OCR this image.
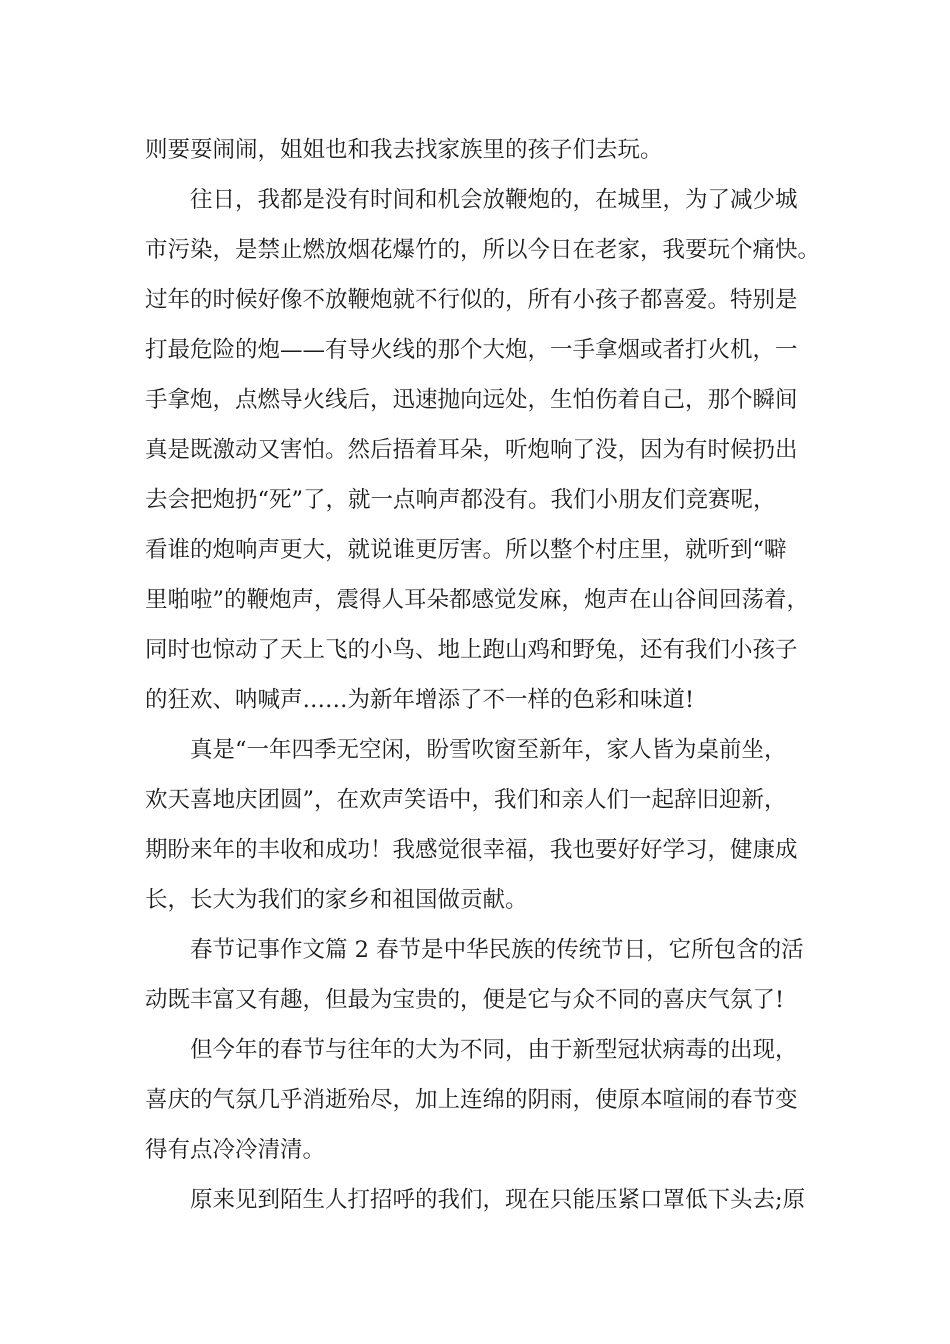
则要耍闹闹，姐姐也和我去找家族里的孩子们去玩。
往日，我都是没有时间和机会放鞭炮的，在城里，为了减少城
市污染，是禁止燃放烟花爆竹的，所以今日在老家，我要玩个痛快。
过年的时候好像不放鞭炮就不行似的，所有小孩子都喜爱。特别是
打最危险的炮——有导火线的那个大炮，一手拿烟或者打火机，一
手拿炮，点燃导火线后，迅速抛向远处，生怕伤着自己，那个瞬间
真是既激动又害怕。然后捂着耳朵，听炮响了没，因为有时候扔出
去会把炮扔“死”了，就一点响声都没有。我们小朋友们竞赛呢，
看谁的炮响声更大，就说谁更厉害。所以整个村庄里，就听到“噼
里啪啦”的鞭炮声，震得人耳朵都感觉发麻，炮声在山谷间回荡着，
同时也惊动了天上飞的小鸟、地上跑山鸡和野兔，还有我们小孩子
的狂欢、呐喊声……为新年增添了不一样的色彩和味道!
真是“一年四季无空闲，盼雪吹窗至新年，家人皆为桌前坐，
欢天喜地庆团圆”，在欢声笑语中，我们和亲人们一起辞旧迎新，
期盼来年的丰收和成功！我感觉很幸福，我也要好好学习，健康成
长，长大为我们的家乡和祖国做贡献。
春节记事作文篇 2 春节是中华民族的传统节日，它所包含的活
动既丰富又有趣，但最为宝贵的，便是它与众不同的喜庆气氛了!
但今年的春节与往年的大为不同，由于新型冠状病毒的出现，
喜庆的气氛几乎消逝殆尽，加上连绵的阴雨，使原本喧闹的春节变
得有点冷冷清清。
原来见到陌生人打招呼的我们，现在只能压紧口罩低下头去;原
